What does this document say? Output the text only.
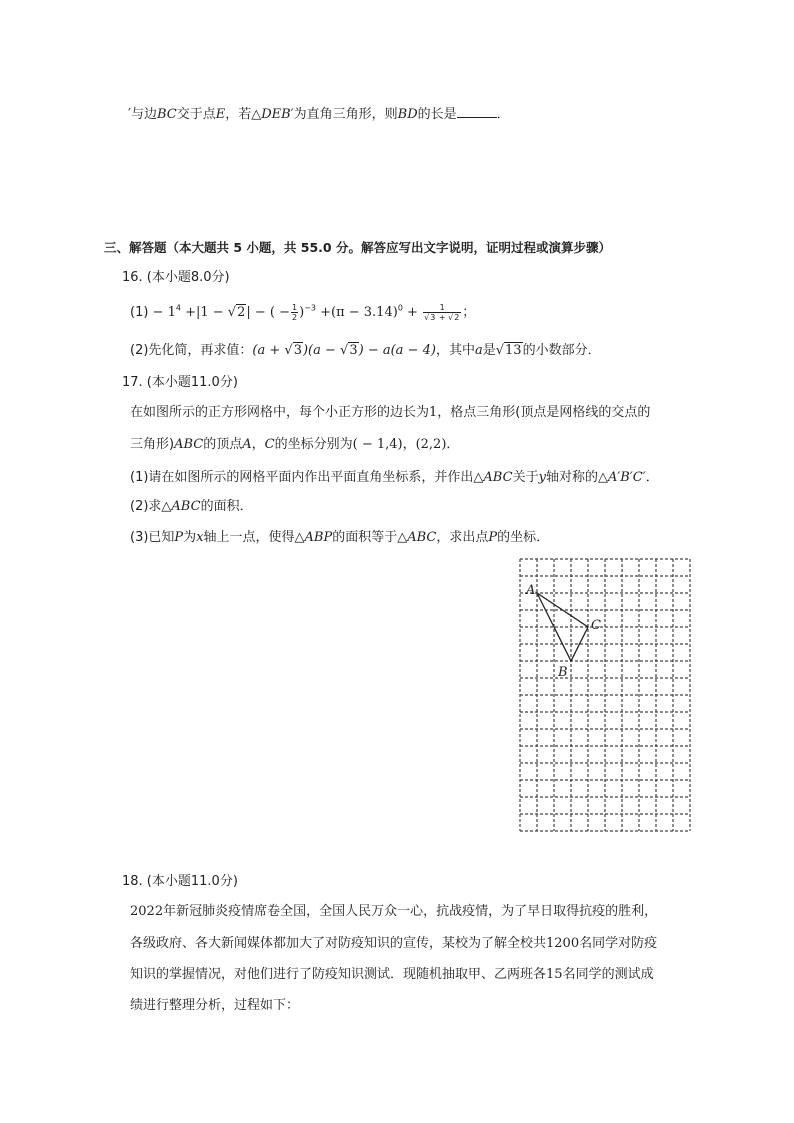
′与边BC交于点E，若△DEB′为直角三角形，则BD的长是	．
三、解答题（本大题共 5 小题，共 55.0 分。解答应写出文字说明，证明过程或演算步骤）
16. (本小题8.0分)
$(1) - 1^4 +|1 - √2|$ − ( − $\frac{1}{2} )^{-3} +(\pi - 3.14)^0 + \frac{1}{√3 + √2}$ ；
(2)先化简，再求值：(a + √3)(a − √3) − a(a − 4)，其中a是√13的小数部分．
17. (本小题11.0分)
在如图所示的正方形网格中，每个小正方形的边长为1，格点三角形(顶点是网格线的交点的
三角形)ABC的顶点A，C的坐标分别为( − 1,4)，(2,2)．
(1)请在如图所示的网格平面内作出平面直角坐标系，并作出△ABC关于y轴对称的△A′B′C′．
(2)求△ABC的面积．
(3)已知P为x轴上一点，使得△ABP的面积等于△ABC，求出点P的坐标．
A
B
C
18. (本小题11.0分)
2022年新冠肺炎疫情席卷全国，全国人民万众一心，抗战疫情，为了早日取得抗疫的胜利，
各级政府、各大新闻媒体都加大了对防疫知识的宣传，某校为了解全校共1200名同学对防疫
知识的掌握情况，对他们进行了防疫知识测试．现随机抽取甲、乙两班各15名同学的测试成
绩进行整理分析，过程如下：
